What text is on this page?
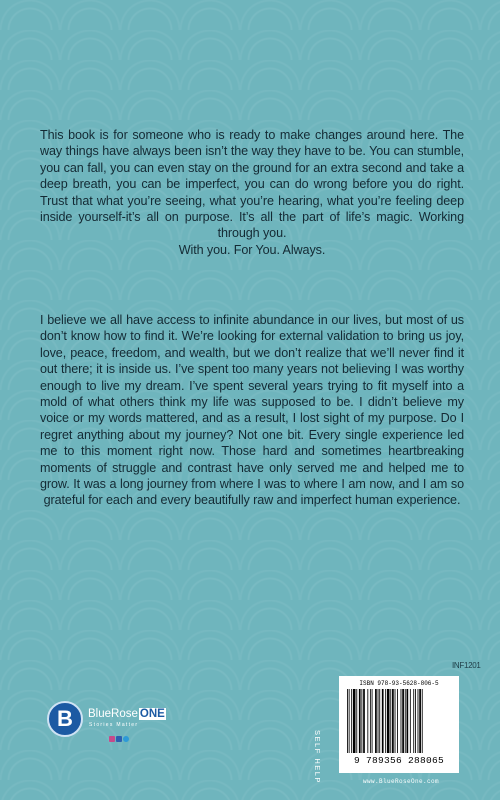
This book is for someone who is ready to make changes around here. The way things have always been isn’t the way they have to be. You can stumble, you can fall, you can even stay on the ground for an extra second and take a deep breath, you can be imperfect, you can do wrong before you do right. Trust that what you’re seeing, what you’re hearing, what you’re feeling deep inside yourself-it’s all on purpose. It’s all the part of life’s magic. Working through you.
With you. For You. Always.
I believe we all have access to infinite abundance in our lives, but most of us don’t know how to find it. We’re looking for external validation to bring us joy, love, peace, freedom, and wealth, but we don’t realize that we’ll never find it out there; it is inside us. I’ve spent too many years not believing I was worthy enough to live my dream. I’ve spent several years trying to fit myself into a mold of what others think my life was supposed to be. I didn’t believe my voice or my words mattered, and as a result, I lost sight of my purpose. Do I regret anything about my journey? Not one bit. Every single experience led me to this moment right now. Those hard and sometimes heartbreaking moments of struggle and contrast have only served me and helped me to grow. It was a long journey from where I was to where I am now, and I am so grateful for each and every beautifully raw and imperfect human experience.
INF1201
SELF HELP
ISBN 978-93-5628-806-5
9 789356 288065
www.BlueRoseOne.com
B	BlueRose ONE
Stories Matter
